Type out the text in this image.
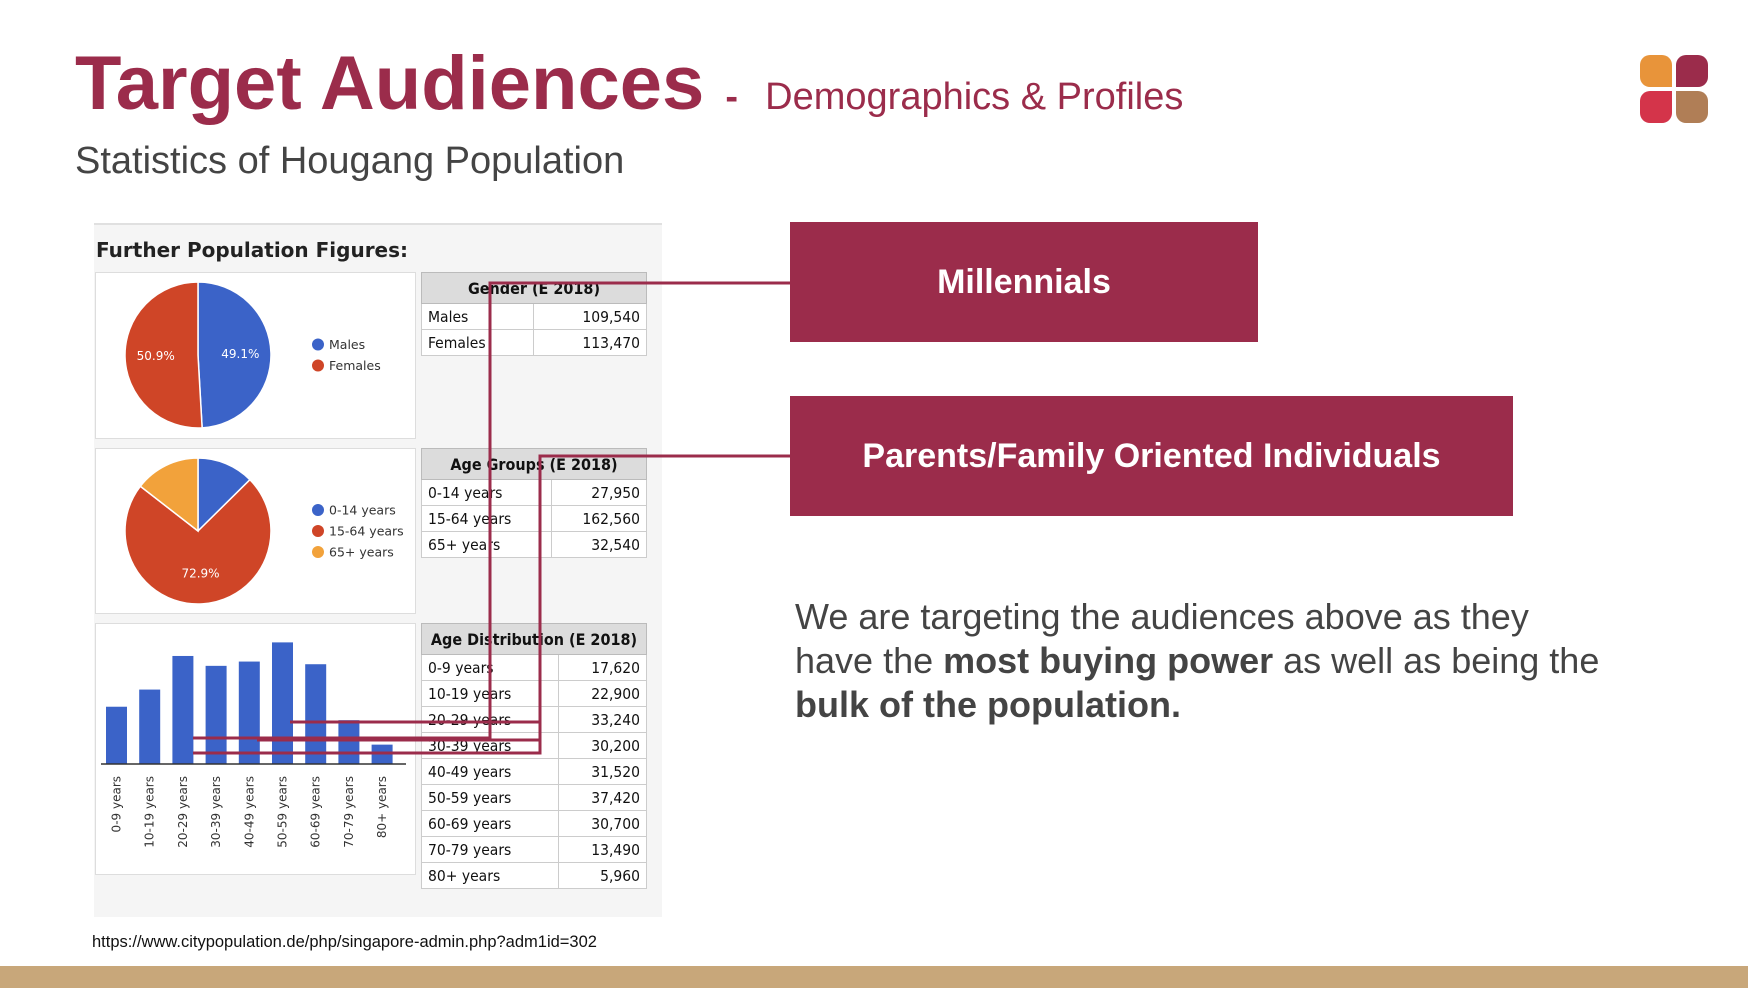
Target Audiences - Demographics & Profiles
Statistics of Hougang Population
Further Population Figures:
49.1%
50.9%
Males
Females
72.9%
0-14 years
15-64 years
65+ years
0-9 years 10-19 years 20-29 years 30-39 years 40-49 years 50-59 years 60-69 years 70-79 years 80+ years
Gender (E 2018)	
Males	109,540
Females	113,470
Age Groups (E 2018)	
0-14 years	27,950
15-64 years	162,560
65+ years	32,540
Age Distribution (E 2018)	
0-9 years	17,620
10-19 years	22,900
20-29 years	33,240
30-39 years	30,200
40-49 years	31,520
50-59 years	37,420
60-69 years	30,700
70-79 years	13,490
80+ years	5,960
Millennials
Parents/Family Oriented Individuals
We are targeting the audiences above as they have the most buying power as well as being the bulk of the population.
https://www.citypopulation.de/php/singapore-admin.php?adm1id=302
